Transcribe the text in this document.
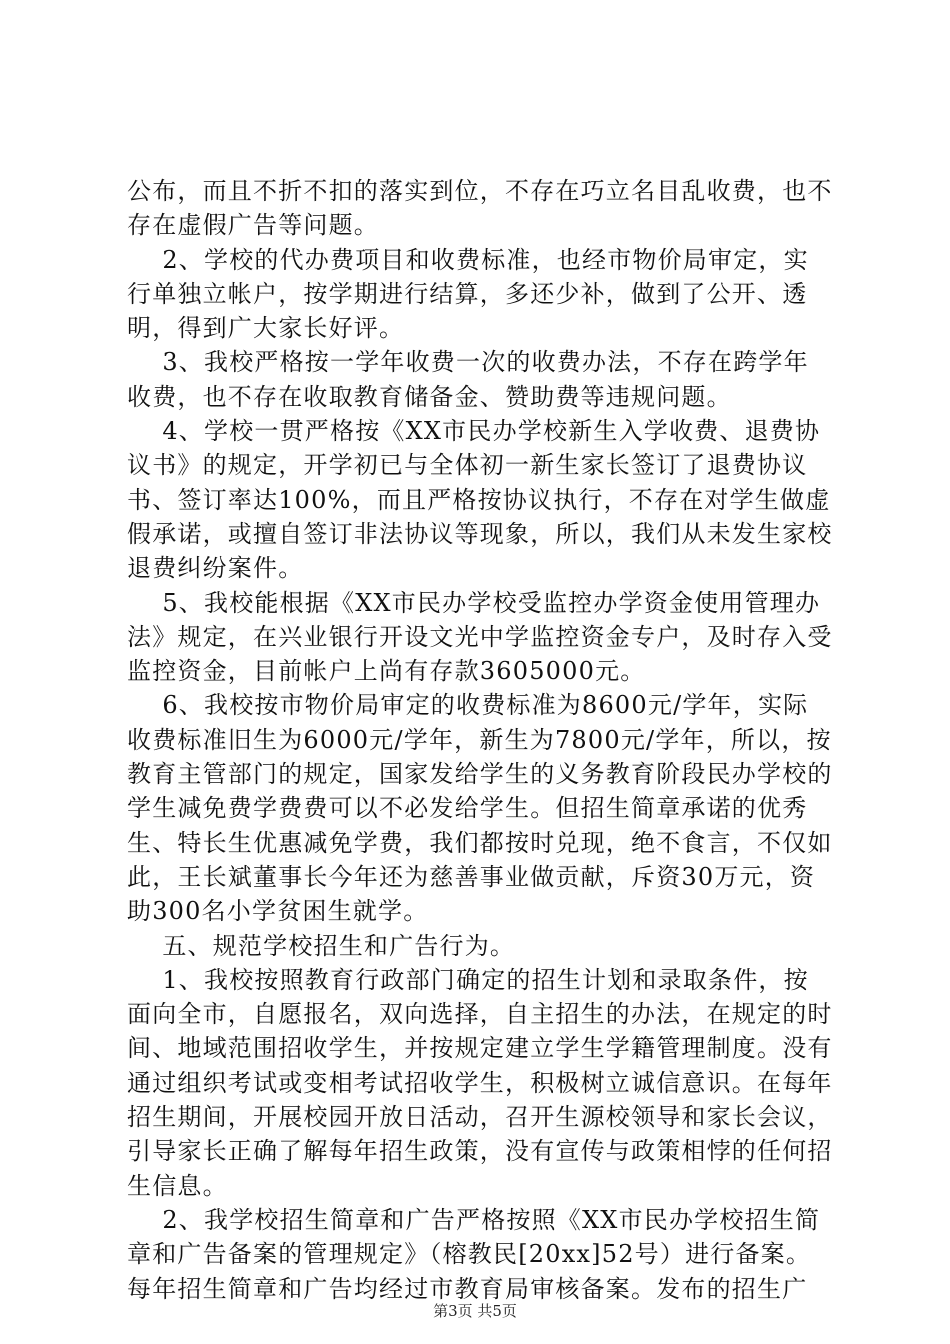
公布，而且不折不扣的落实到位，不存在巧立名目乱收费，也不存在虚假广告等问题。

2、学校的代办费项目和收费标准，也经市物价局审定，实行单独立帐户，按学期进行结算，多还少补，做到了公开、透明，得到广大家长好评。

3、我校严格按一学年收费一次的收费办法，不存在跨学年收费，也不存在收取教育储备金、赞助费等违规问题。

4、学校一贯严格按《XX市民办学校新生入学收费、退费协议书》的规定，开学初已与全体初一新生家长签订了退费协议书、签订率达100%，而且严格按协议执行，不存在对学生做虚假承诺，或擅自签订非法协议等现象，所以，我们从未发生家校退费纠纷案件。

5、我校能根据《XX市民办学校受监控办学资金使用管理办法》规定，在兴业银行开设文光中学监控资金专户，及时存入受监控资金，目前帐户上尚有存款3605000元。

6、我校按市物价局审定的收费标准为8600元/学年，实际收费标准旧生为6000元/学年，新生为7800元/学年，所以，按教育主管部门的规定，国家发给学生的义务教育阶段民办学校的学生减免费学费费可以不必发给学生。但招生简章承诺的优秀生、特长生优惠减免学费，我们都按时兑现，绝不食言，不仅如此，王长斌董事长今年还为慈善事业做贡献，斥资30万元，资助300名小学贫困生就学。

五、规范学校招生和广告行为。

1、我校按照教育行政部门确定的招生计划和录取条件，按面向全市，自愿报名，双向选择，自主招生的办法，在规定的时间、地域范围招收学生，并按规定建立学生学籍管理制度。没有通过组织考试或变相考试招收学生，积极树立诚信意识。在每年招生期间，开展校园开放日活动，召开生源校领导和家长会议，引导家长正确了解每年招生政策，没有宣传与政策相悖的任何招生信息。

2、我学校招生简章和广告严格按照《XX市民办学校招生简章和广告备案的管理规定》（榕教民[20xx]52号）进行备案。每年招生简章和广告均经过市教育局审核备案。发布的招生广

第3页 共5页
